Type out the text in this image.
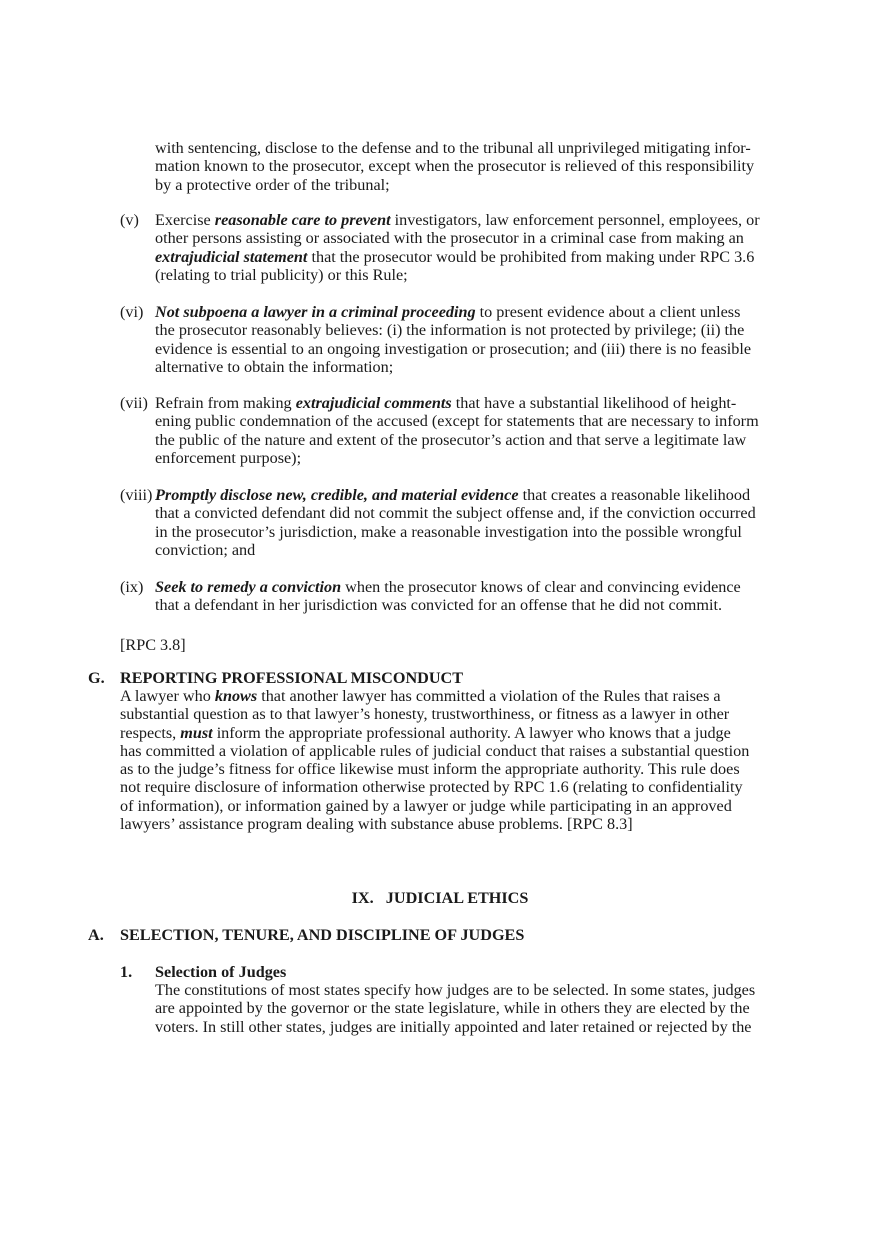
with sentencing, disclose to the defense and to the tribunal all unprivileged mitigating infor-
mation known to the prosecutor, except when the prosecutor is relieved of this responsibility
by a protective order of the tribunal;
(v) Exercise reasonable care to prevent investigators, law enforcement personnel, employees, or
other persons assisting or associated with the prosecutor in a criminal case from making an
extrajudicial statement that the prosecutor would be prohibited from making under RPC 3.6
(relating to trial publicity) or this Rule;
(vi) Not subpoena a lawyer in a criminal proceeding to present evidence about a client unless
the prosecutor reasonably believes: (i) the information is not protected by privilege; (ii) the
evidence is essential to an ongoing investigation or prosecution; and (iii) there is no feasible
alternative to obtain the information;
(vii) Refrain from making extrajudicial comments that have a substantial likelihood of height-
ening public condemnation of the accused (except for statements that are necessary to inform
the public of the nature and extent of the prosecutor’s action and that serve a legitimate law
enforcement purpose);
(viii) Promptly disclose new, credible, and material evidence that creates a reasonable likelihood
that a convicted defendant did not commit the subject offense and, if the conviction occurred
in the prosecutor’s jurisdiction, make a reasonable investigation into the possible wrongful
conviction; and
(ix) Seek to remedy a conviction when the prosecutor knows of clear and convincing evidence
that a defendant in her jurisdiction was convicted for an offense that he did not commit.
[RPC 3.8]
G. REPORTING PROFESSIONAL MISCONDUCT
A lawyer who knows that another lawyer has committed a violation of the Rules that raises a
substantial question as to that lawyer’s honesty, trustworthiness, or fitness as a lawyer in other
respects, must inform the appropriate professional authority. A lawyer who knows that a judge
has committed a violation of applicable rules of judicial conduct that raises a substantial question
as to the judge’s fitness for office likewise must inform the appropriate authority. This rule does
not require disclosure of information otherwise protected by RPC 1.6 (relating to confidentiality
of information), or information gained by a lawyer or judge while participating in an approved
lawyers’ assistance program dealing with substance abuse problems. [RPC 8.3]
IX. JUDICIAL ETHICS
A. SELECTION, TENURE, AND DISCIPLINE OF JUDGES
1. Selection of Judges
The constitutions of most states specify how judges are to be selected. In some states, judges
are appointed by the governor or the state legislature, while in others they are elected by the
voters. In still other states, judges are initially appointed and later retained or rejected by the
